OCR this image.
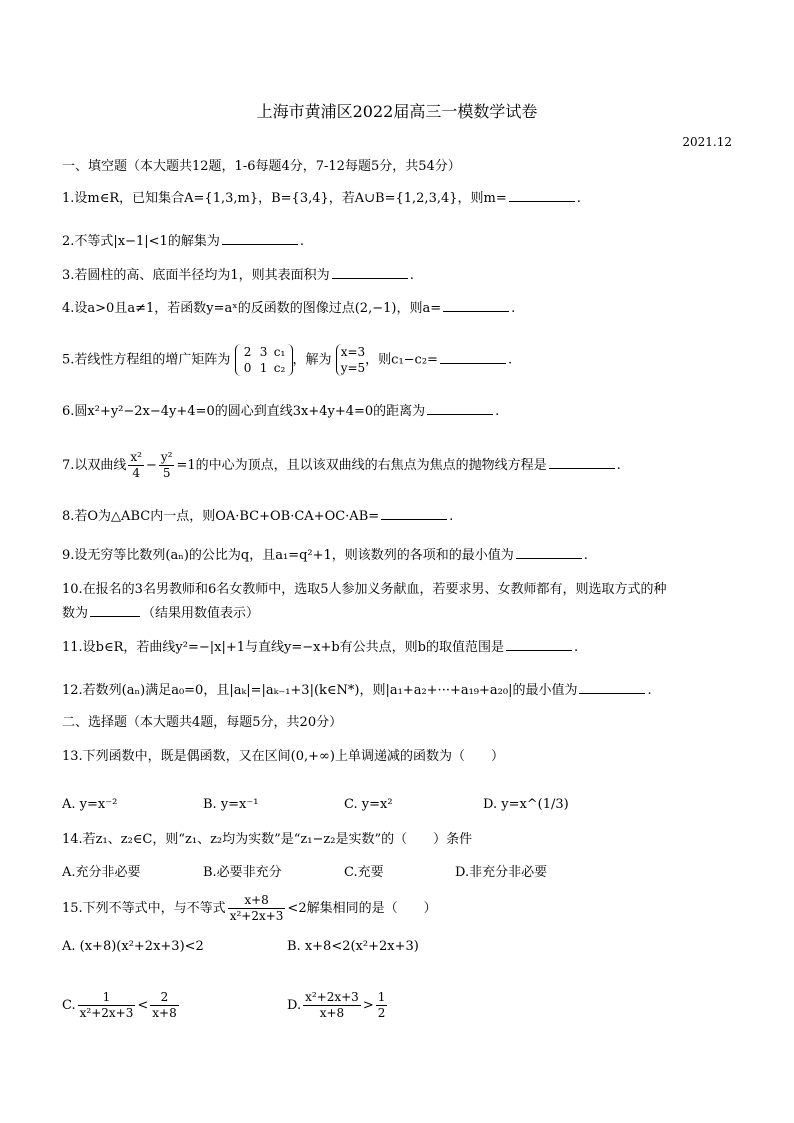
上海市黄浦区2022届高三一模数学试卷
2021.12
一、填空题（本大题共12题，1-6每题4分，7-12每题5分，共54分）
1.设m∈R，已知集合A={1,3,m}，B={3,4}，若A∪B={1,2,3,4}，则m=	.
2.不等式|x−1|<1的解集为	.
3.若圆柱的高、底面半径均为1，则其表面积为	.
4.设a>0且a≠1，若函数y=aˣ的反函数的图像过点(2,−1)，则a=	.
5.若线性方程组的增广矩阵为 2 3 c₁
0 1 c₂，解为 x=3
y=5，则c₁−c₂=	.
6.圆x²+y²−2x−4y+4=0的圆心到直线3x+4y+4=0的距离为	.
7.以双曲线 $\frac{\text{x²}}{4} - \frac{\text{y²}}{5} =1$的中心为顶点，且以该双曲线的右焦点为焦点的抛物线方程是	.
8.若O为△ABC内一点，则OA·BC+OB·CA+OC·AB=	.
9.设无穷等比数列(aₙ)的公比为q，且a₁=q²+1，则该数列的各项和的最小值为	.
10.在报名的3名男教师和6名女教师中，选取5人参加义务献血，若要求男、女教师都有，则选取方式的种
数为	（结果用数值表示）
11.设b∈R，若曲线y²=−|x|+1与直线y=−x+b有公共点，则b的取值范围是	.
12.若数列(aₙ)满足a₀=0，且|aₖ|=|aₖ₋₁+3|(k∈N*)，则|a₁+a₂+···+a₁₉+a₂₀|的最小值为	.
二、选择题（本大题共4题，每题5分，共20分）
13.下列函数中，既是偶函数，又在区间(0,+∞)上单调递减的函数为（　　）
A. y=x⁻²	B. y=x⁻¹	C. y=x²	D. y=x^(1/3)
14.若z₁、z₂∈C，则“z₁、z₂均为实数”是“z₁−z₂是实数”的（　　）条件
A.充分非必要	B.必要非充分	C.充要	D.非充分非必要
15.下列不等式中，与不等式 $\frac{x+8}{\text{x²+2x+3}} <2$解集相同的是（　　）
A. (x+8)(x²+2x+3)<2	B. x+8<2(x²+2x+3)
C. $\frac{1}{\text{x²+2x+3}} < \frac{2}{x+8}$	D. $\frac{\text{x²+2x+3}}{x+8} > \frac{1}{2}$
